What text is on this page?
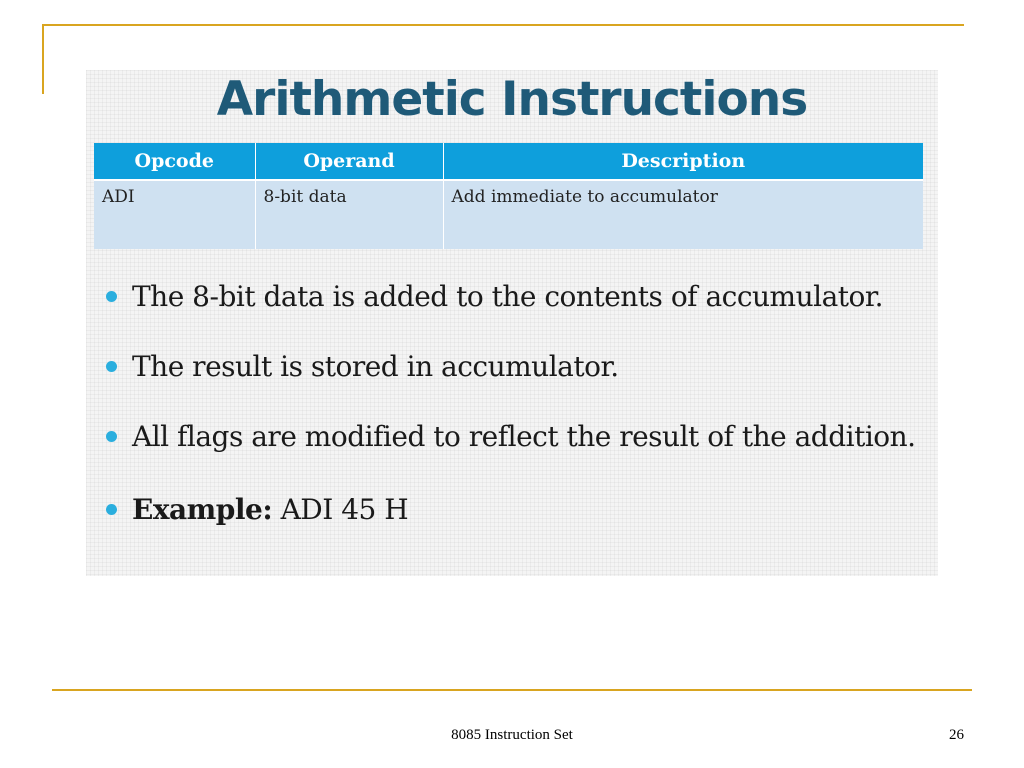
Arithmetic Instructions
Opcode	Operand	Description
ADI	8-bit data	Add immediate to accumulator
The 8-bit data is added to the contents of accumulator.
The result is stored in accumulator.
All flags are modified to reflect the result of the addition.
Example: ADI 45 H
8085 Instruction Set	26
